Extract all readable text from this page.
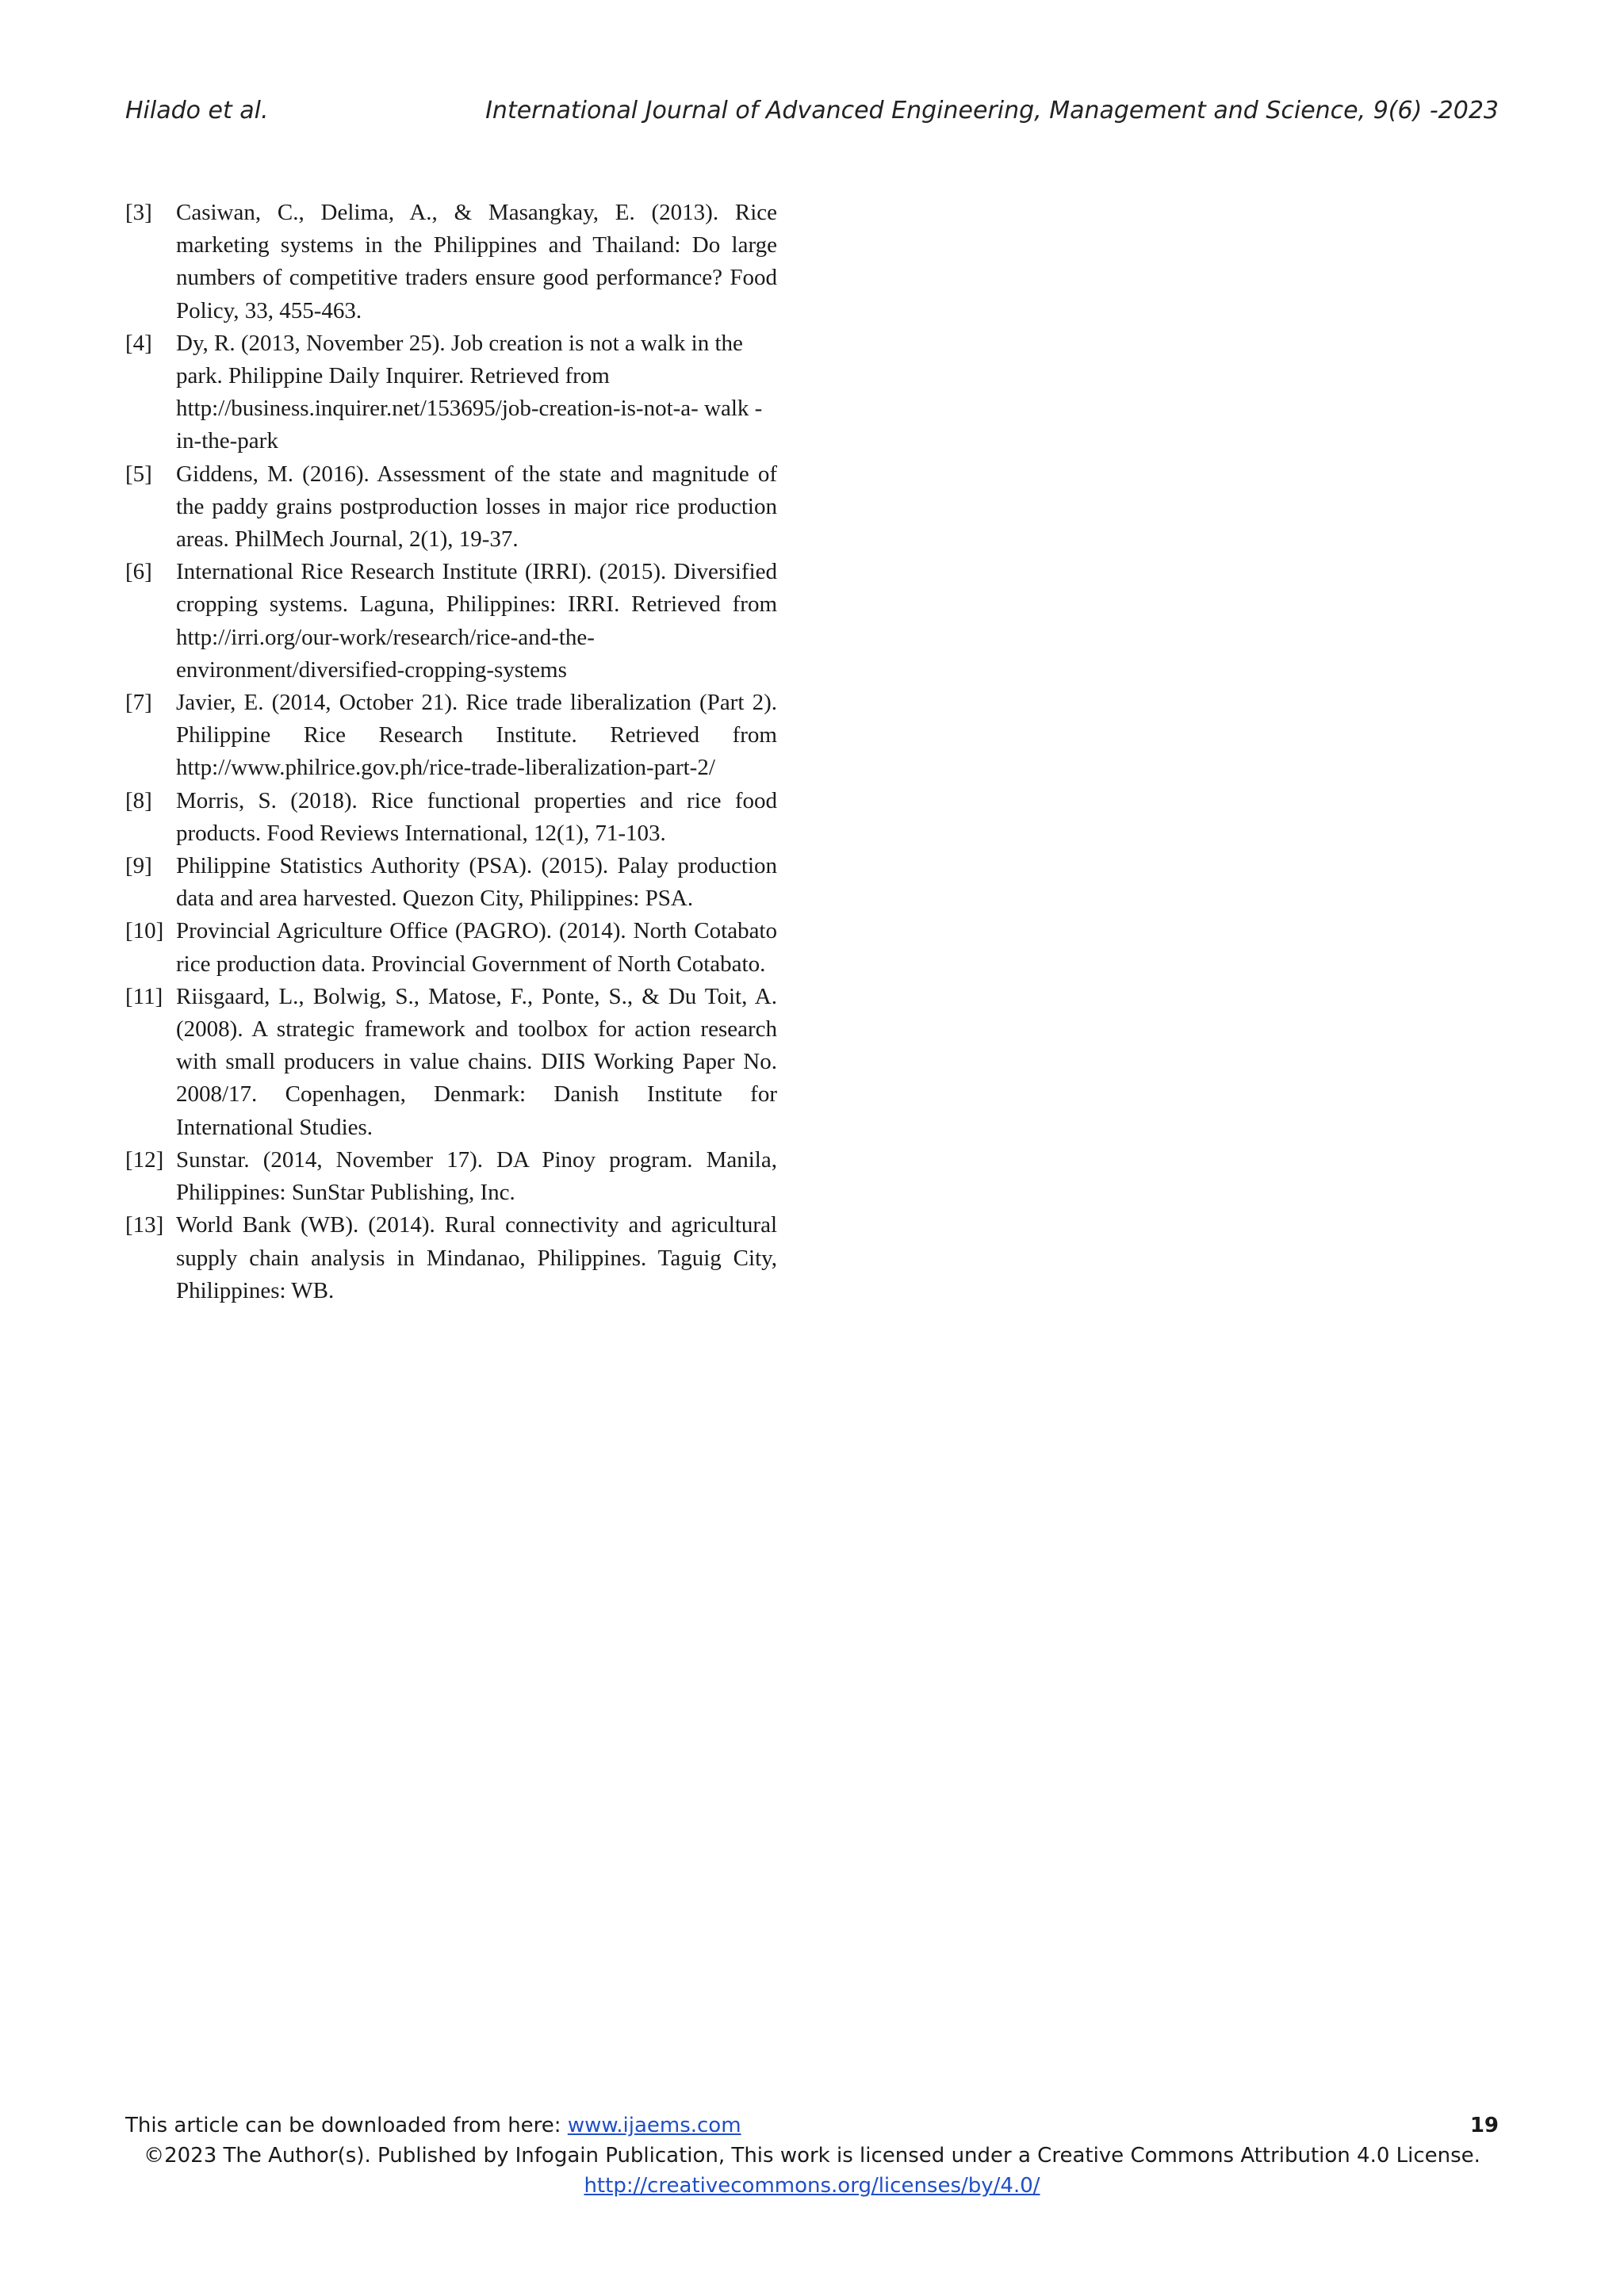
Hilado et al.	International Journal of Advanced Engineering, Management and Science, 9(6) -2023
[3] Casiwan, C., Delima, A., & Masangkay, E. (2013). Rice marketing systems in the Philippines and Thailand: Do large numbers of competitive traders ensure good performance? Food Policy, 33, 455-463.
[4] Dy, R. (2013, November 25). Job creation is not a walk in the park. Philippine Daily Inquirer. Retrieved from http://business.inquirer.net/153695/job-creation-is-not-a- walk -in-the-park
[5] Giddens, M. (2016). Assessment of the state and magnitude of the paddy grains postproduction losses in major rice production areas. PhilMech Journal, 2(1), 19-37.
[6] International Rice Research Institute (IRRI). (2015). Diversified cropping systems. Laguna, Philippines: IRRI. Retrieved from http://irri.org/our-work/research/rice-and-the- environment/diversified-cropping-systems
[7] Javier, E. (2014, October 21). Rice trade liberalization (Part 2). Philippine Rice Research Institute. Retrieved from http://www.philrice.gov.ph/rice-trade-liberalization-part-2/
[8] Morris, S. (2018). Rice functional properties and rice food products. Food Reviews International, 12(1), 71-103.
[9] Philippine Statistics Authority (PSA). (2015). Palay production data and area harvested. Quezon City, Philippines: PSA.
[10] Provincial Agriculture Office (PAGRO). (2014). North Cotabato rice production data. Provincial Government of North Cotabato.
[11] Riisgaard, L., Bolwig, S., Matose, F., Ponte, S., & Du Toit, A. (2008). A strategic framework and toolbox for action research with small producers in value chains. DIIS Working Paper No. 2008/17. Copenhagen, Denmark: Danish Institute for International Studies.
[12] Sunstar. (2014, November 17). DA Pinoy program. Manila, Philippines: SunStar Publishing, Inc.
[13] World Bank (WB). (2014). Rural connectivity and agricultural supply chain analysis in Mindanao, Philippines. Taguig City, Philippines: WB.
This article can be downloaded from here: www.ijaems.com	19
©2023 The Author(s). Published by Infogain Publication, This work is licensed under a Creative Commons Attribution 4.0 License.
http://creativecommons.org/licenses/by/4.0/
